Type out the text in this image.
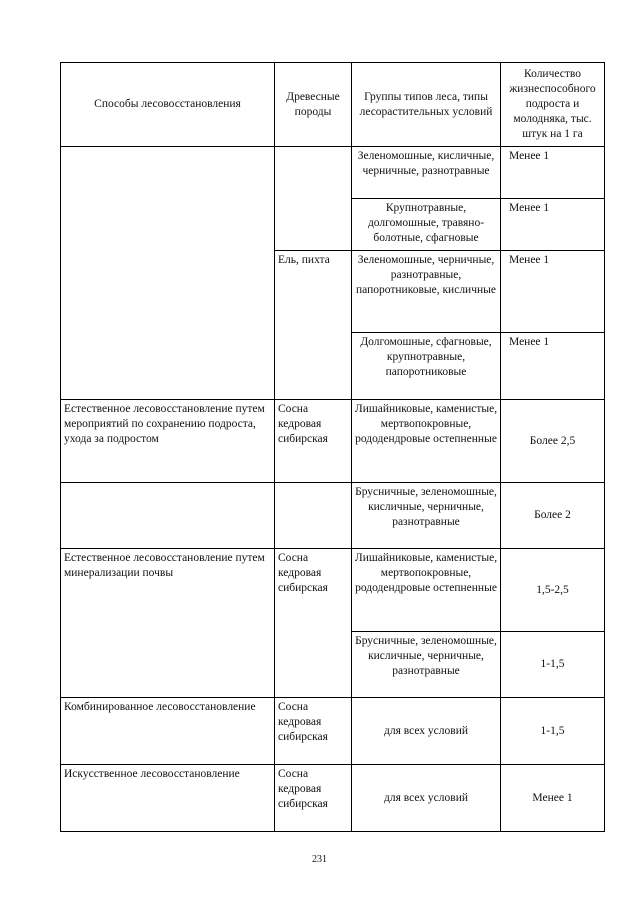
Способы лесовосстановления	Древесные породы	Группы типов леса, типы лесорастительных условий	Количество жизнеспособного подроста и молодняка, тыс. штук на 1 га

		Зеленомошные, кисличные, черничные, разнотравные	Менее 1

		Крупнотравные, долгомошные, травяно-болотные, сфагновые	Менее 1

	Ель, пихта	Зеленомошные, черничные, разнотравные, папоротниковые, кисличные	Менее 1

		Долгомошные, сфагновые, крупнотравные, папоротниковые	Менее 1

Естественное лесовосстановление путем мероприятий по сохранению подроста, ухода за подростом	Сосна кедровая сибирская	Лишайниковые, каменистые, мертвопокровные, рододендровые остепненные	Более 2,5

		Брусничные, зеленомошные, кисличные, черничные, разнотравные	Более 2

Естественное лесовосстановление путем минерализации почвы	Сосна кедровая сибирская	Лишайниковые, каменистые, мертвопокровные, рододендровые остепненные	1,5-2,5

		Брусничные, зеленомошные, кисличные, черничные, разнотравные	1-1,5

Комбинированное лесовосстановление	Сосна кедровая сибирская	для всех условий	1-1,5

Искусственное лесовосстановление	Сосна кедровая сибирская	для всех условий	Менее 1
231
